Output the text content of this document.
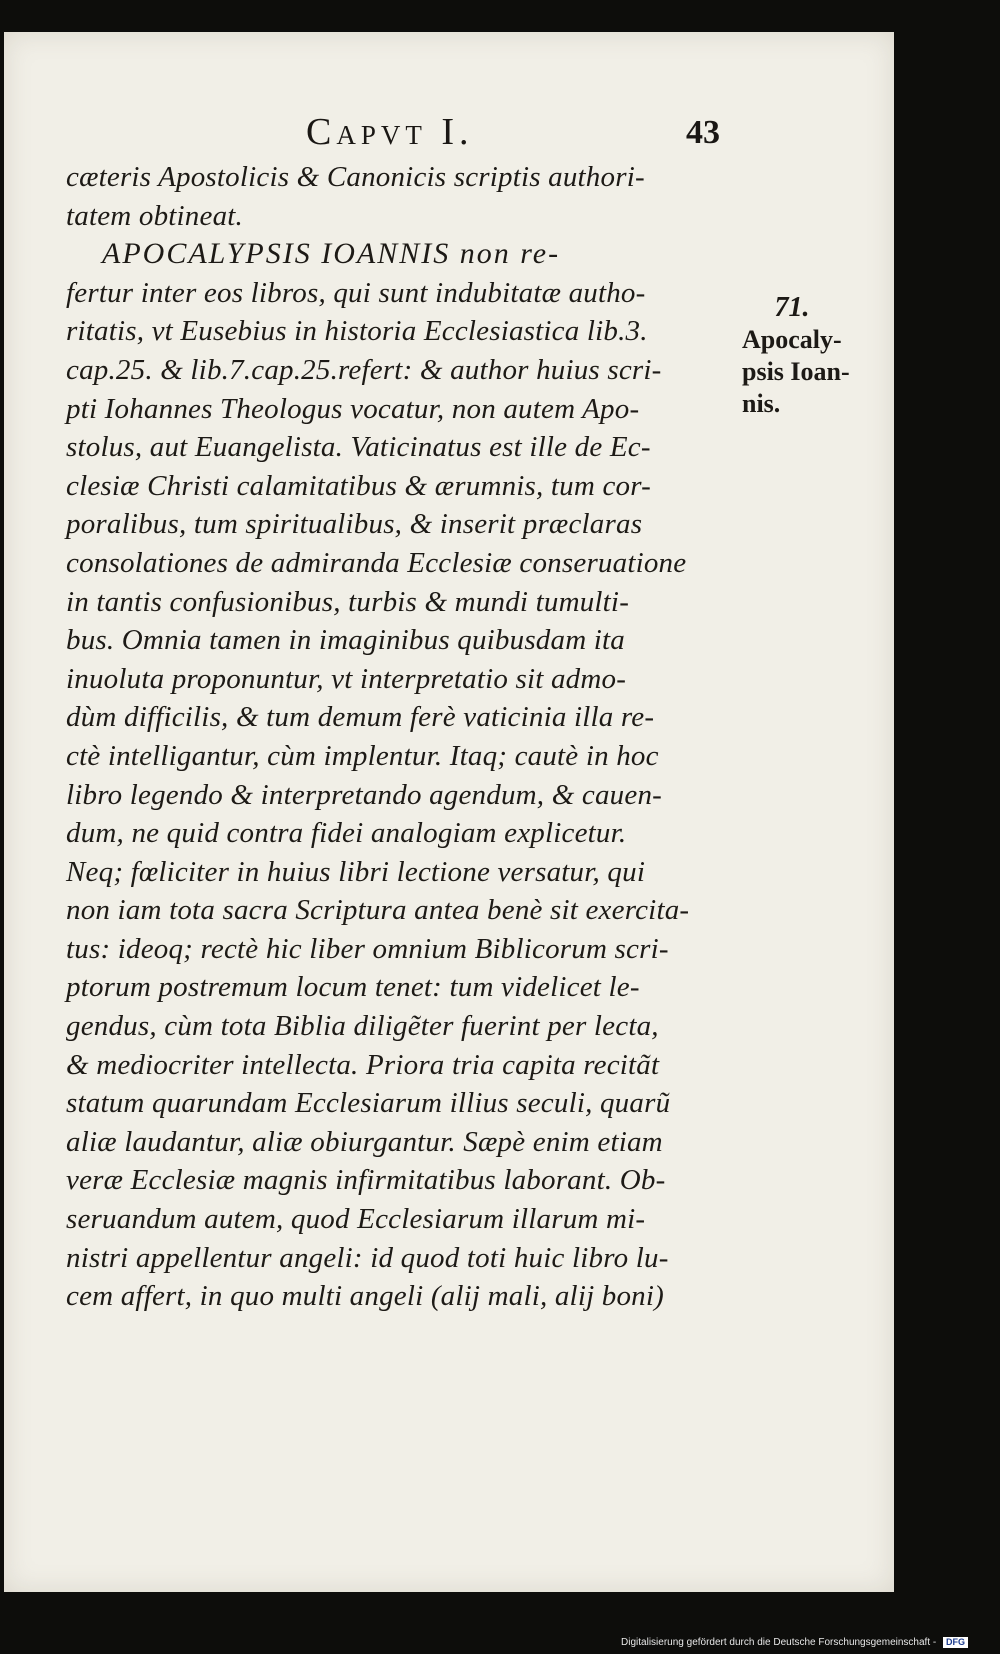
Capvt I.	43
cæteris Apostolicis & Canonicis scriptis authori-
tatem obtineat.
APOCALYPSIS IOANNIS non re-
fertur inter eos libros, qui sunt indubitatæ autho-
ritatis, vt Eusebius in historia Ecclesiastica lib.3.
cap.25. & lib.7.cap.25.refert: & author huius scri-
pti Iohannes Theologus vocatur, non autem Apo-
stolus, aut Euangelista. Vaticinatus est ille de Ec-
clesiæ Christi calamitatibus & ærumnis, tum cor-
poralibus, tum spiritualibus, & inserit præclaras
consolationes de admiranda Ecclesiæ conseruatione
in tantis confusionibus, turbis & mundi tumulti-
bus. Omnia tamen in imaginibus quibusdam ita
inuoluta proponuntur, vt interpretatio sit admo-
dùm difficilis, & tum demum ferè vaticinia illa re-
ctè intelligantur, cùm implentur. Itaq; cautè in hoc
libro legendo & interpretando agendum, & cauen-
dum, ne quid contra fidei analogiam explicetur.
Neq; fœliciter in huius libri lectione versatur, qui
non iam tota sacra Scriptura antea benè sit exercita-
tus: ideoq; rectè hic liber omnium Biblicorum scri-
ptorum postremum locum tenet: tum videlicet le-
gendus, cùm tota Biblia diligẽter fuerint per lecta,
& mediocriter intellecta. Priora tria capita recitãt
statum quarundam Ecclesiarum illius seculi, quarũ
aliæ laudantur, aliæ obiurgantur. Sæpè enim etiam
veræ Ecclesiæ magnis infirmitatibus laborant. Ob-
seruandum autem, quod Ecclesiarum illarum mi-
nistri appellentur angeli: id quod toti huic libro lu-
cem affert, in quo multi angeli (alij mali, alij boni)
71.
Apocaly-
psis Ioan-
nis.
Digitalisierung gefördert durch die Deutsche Forschungsgemeinschaft - DFG
